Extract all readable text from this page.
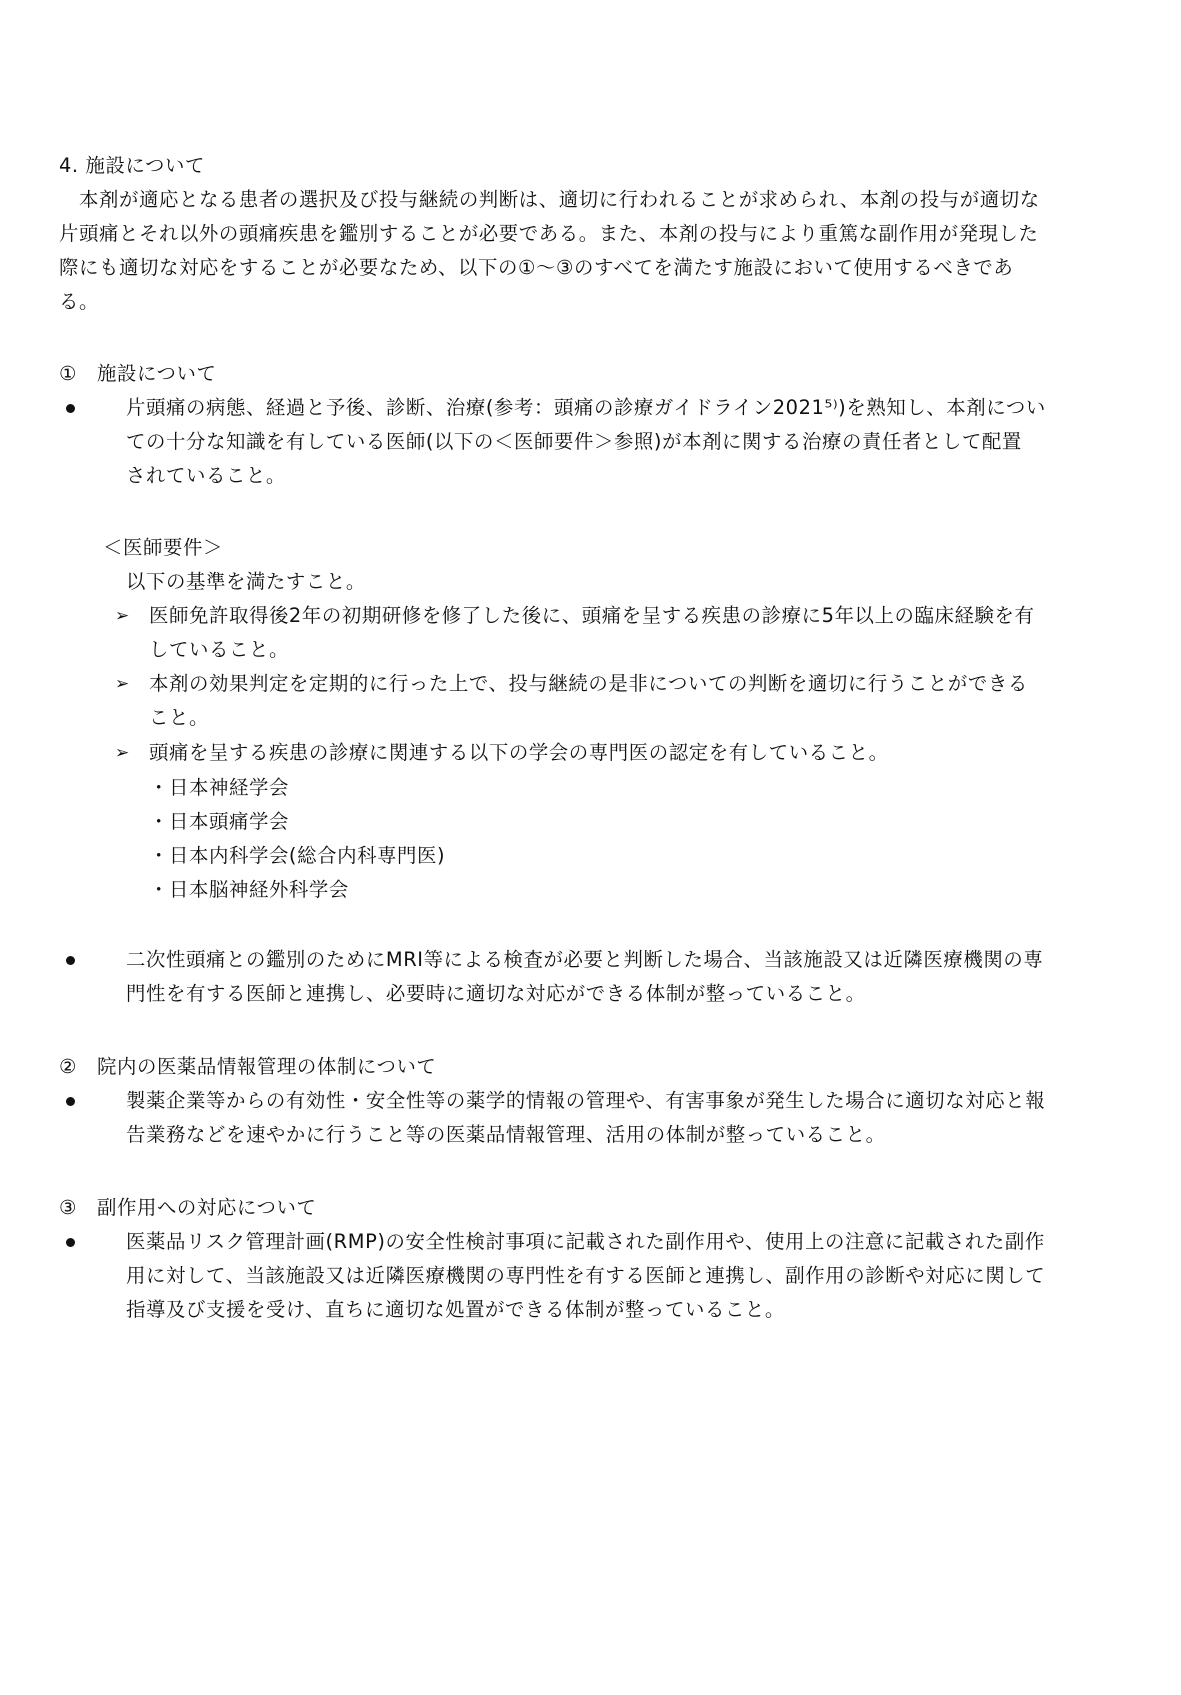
4. 施設について
本剤が適応となる患者の選択及び投与継続の判断は、適切に行われることが求められ、本剤の投与が適切な
片頭痛とそれ以外の頭痛疾患を鑑別することが必要である。また、本剤の投与により重篤な副作用が発現した
際にも適切な対応をすることが必要なため、以下の①～③のすべてを満たす施設において使用するべきであ
る。
①　施設について
片頭痛の病態、経過と予後、診断、治療(参考：頭痛の診療ガイドライン2021⁵⁾)を熟知し、本剤につい
ての十分な知識を有している医師(以下の＜医師要件＞参照)が本剤に関する治療の責任者として配置
されていること。
＜医師要件＞
以下の基準を満たすこと。
➢ 医師免許取得後2年の初期研修を修了した後に、頭痛を呈する疾患の診療に5年以上の臨床経験を有
していること。
➢ 本剤の効果判定を定期的に行った上で、投与継続の是非についての判断を適切に行うことができる
こと。
➢ 頭痛を呈する疾患の診療に関連する以下の学会の専門医の認定を有していること。
・日本神経学会
・日本頭痛学会
・日本内科学会(総合内科専門医)
・日本脳神経外科学会
二次性頭痛との鑑別のためにMRI等による検査が必要と判断した場合、当該施設又は近隣医療機関の専
門性を有する医師と連携し、必要時に適切な対応ができる体制が整っていること。
②　院内の医薬品情報管理の体制について
製薬企業等からの有効性・安全性等の薬学的情報の管理や、有害事象が発生した場合に適切な対応と報
告業務などを速やかに行うこと等の医薬品情報管理、活用の体制が整っていること。
③　副作用への対応について
医薬品リスク管理計画(RMP)の安全性検討事項に記載された副作用や、使用上の注意に記載された副作
用に対して、当該施設又は近隣医療機関の専門性を有する医師と連携し、副作用の診断や対応に関して
指導及び支援を受け、直ちに適切な処置ができる体制が整っていること。
